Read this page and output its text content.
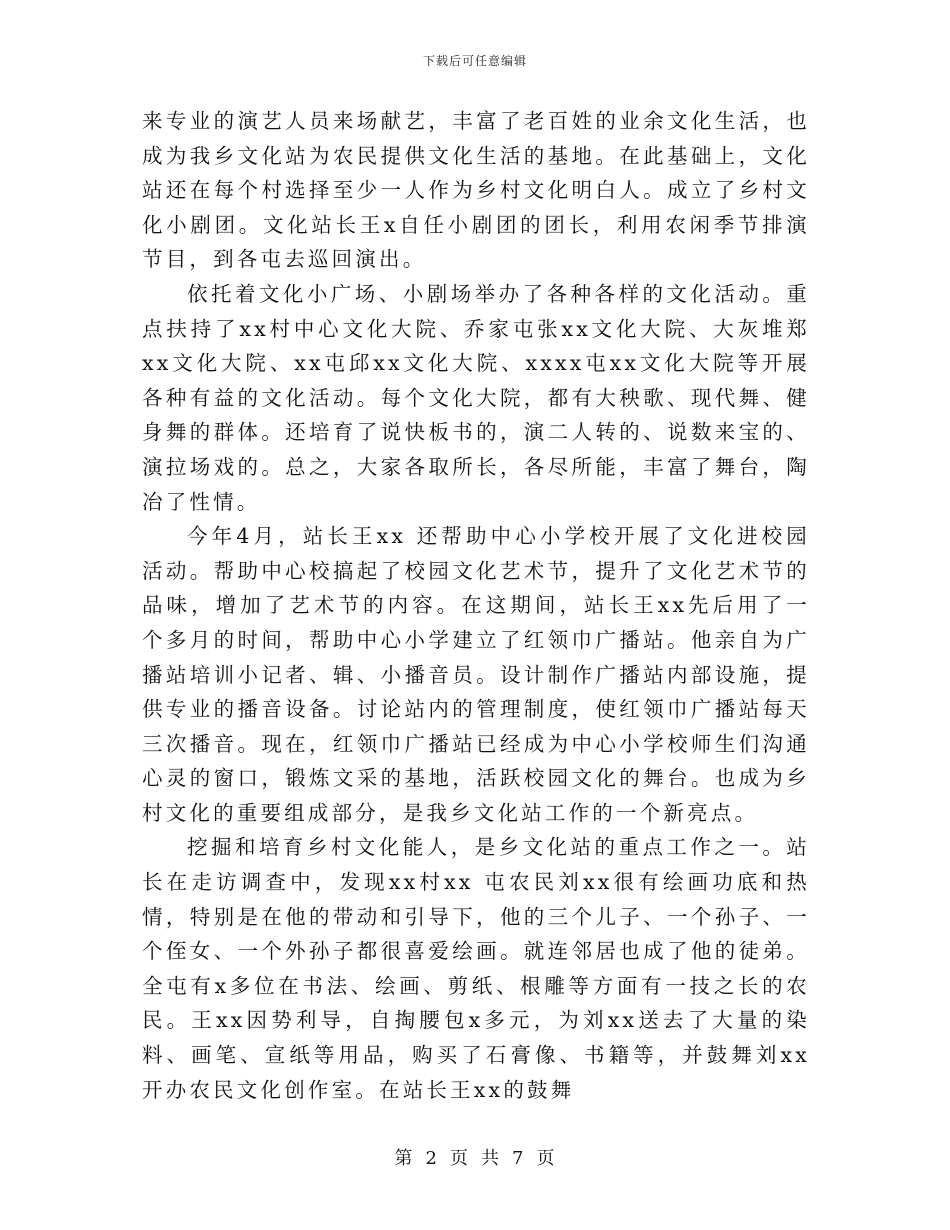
下载后可任意编辑

来专业的演艺人员来场献艺，丰富了老百姓的业余文化生活，也成为我乡文化站为农民提供文化生活的基地。在此基础上，文化站还在每个村选择至少一人作为乡村文化明白人。成立了乡村文化小剧团。文化站长王x自任小剧团的团长，利用农闲季节排演节目，到各屯去巡回演出。

依托着文化小广场、小剧场举办了各种各样的文化活动。重点扶持了xx村中心文化大院、乔家屯张xx文化大院、大灰堆郑xx文化大院、xx屯邱xx文化大院、xxxx屯xx文化大院等开展各种有益的文化活动。每个文化大院，都有大秧歌、现代舞、健身舞的群体。还培育了说快板书的，演二人转的、说数来宝的、演拉场戏的。总之，大家各取所长，各尽所能，丰富了舞台，陶冶了性情。

今年4月，站长王xx 还帮助中心小学校开展了文化进校园活动。帮助中心校搞起了校园文化艺术节，提升了文化艺术节的品味，增加了艺术节的内容。在这期间，站长王xx先后用了一个多月的时间，帮助中心小学建立了红领巾广播站。他亲自为广播站培训小记者、辑、小播音员。设计制作广播站内部设施，提供专业的播音设备。讨论站内的管理制度，使红领巾广播站每天三次播音。现在，红领巾广播站已经成为中心小学校师生们沟通心灵的窗口，锻炼文采的基地，活跃校园文化的舞台。也成为乡村文化的重要组成部分，是我乡文化站工作的一个新亮点。

挖掘和培育乡村文化能人，是乡文化站的重点工作之一。站长在走访调查中，发现xx村xx 屯农民刘xx很有绘画功底和热情，特别是在他的带动和引导下，他的三个儿子、一个孙子、一个侄女、一个外孙子都很喜爱绘画。就连邻居也成了他的徒弟。全屯有x多位在书法、绘画、剪纸、根雕等方面有一技之长的农民。王xx因势利导，自掏腰包x多元，为刘xx送去了大量的染料、画笔、宣纸等用品，购买了石膏像、书籍等，并鼓舞刘xx开办农民文化创作室。在站长王xx的鼓舞

第 2 页 共 7 页
